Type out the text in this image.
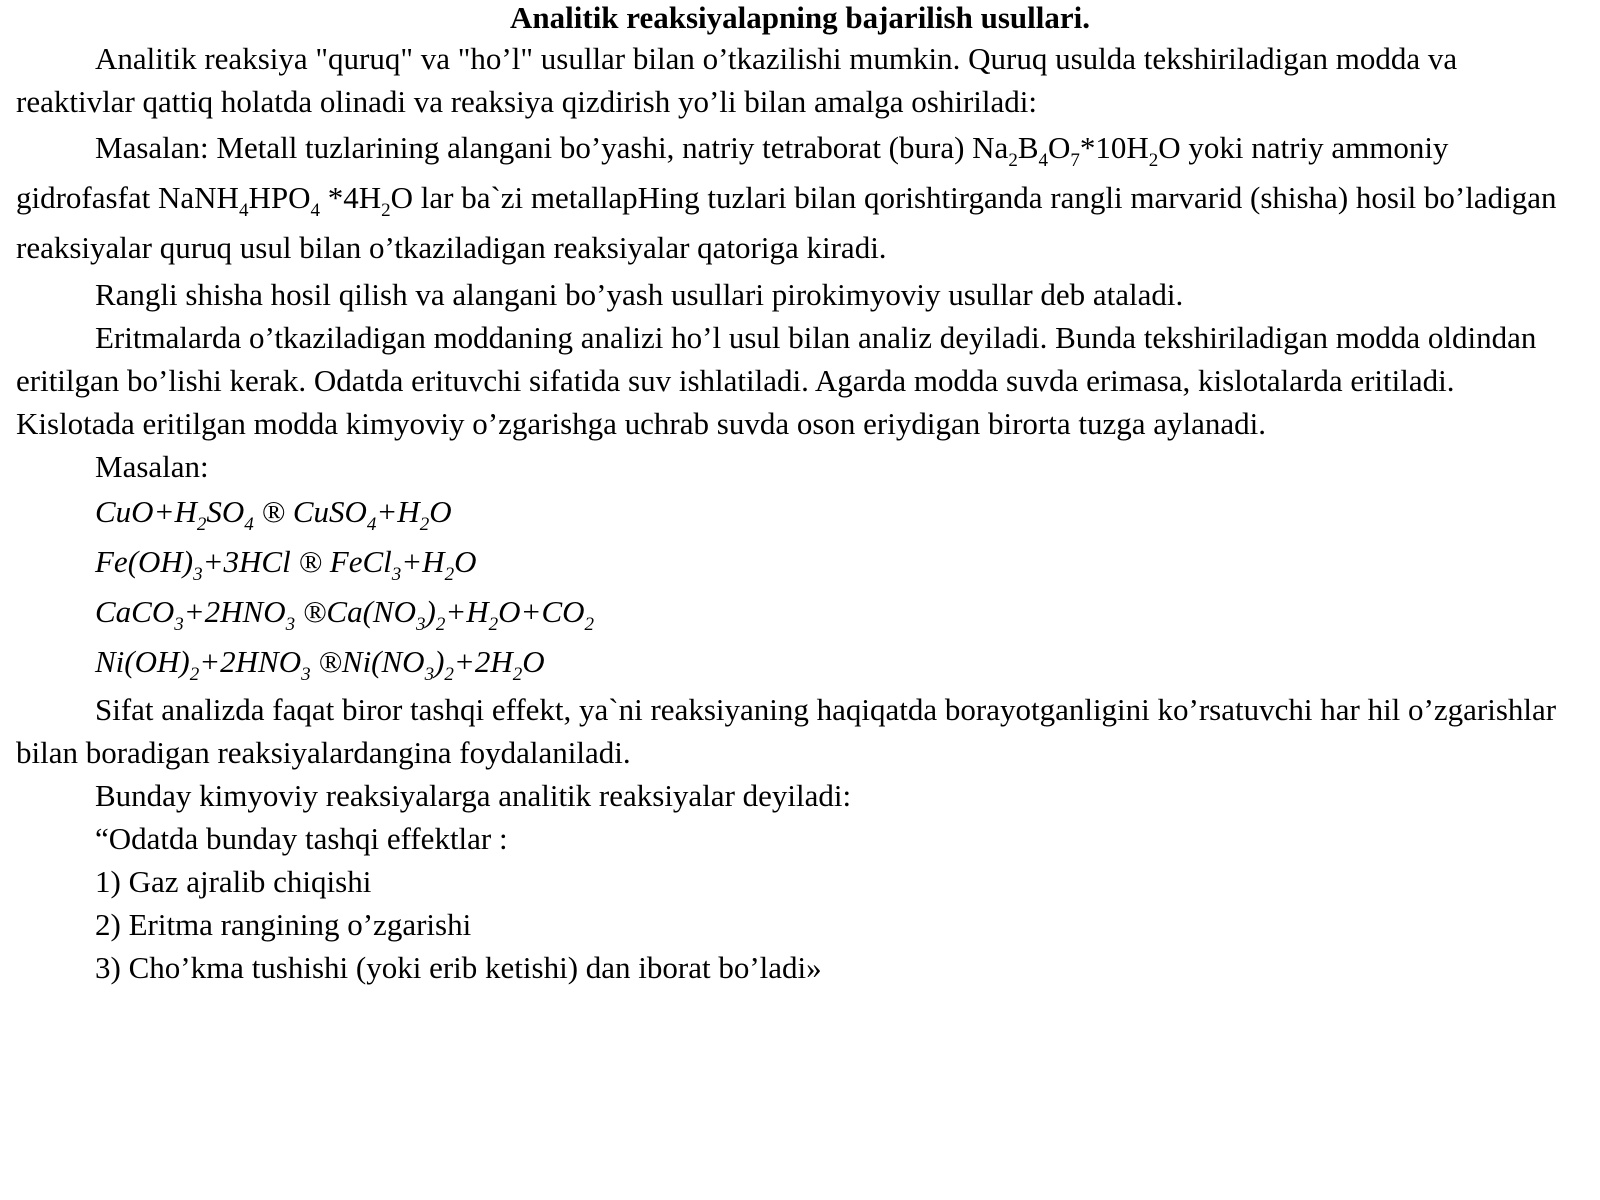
Analitik reaksiyalapning bajarilish usullari.

Analitik reaksiya "quruq" va "ho’l" usullar bilan o’tkazilishi mumkin. Quruq usulda tekshiriladigan modda va reaktivlar qattiq holatda olinadi va reaksiya qizdirish yo’li bilan amalga oshiriladi:

Masalan: Metall tuzlarining alangani bo’yashi, natriy tetraborat (bura) $Na_2B_4O_7*10H_2O$ yoki natriy ammoniy gidrofasfat $NaNH_4HPO_4$ $*4H_2O$ lar ba`zi metallapHing tuzlari bilan qorishtirganda rangli marvarid (shisha) hosil bo’ladigan reaksiyalar quruq usul bilan o’tkaziladigan reaksiyalar qatoriga kiradi.

Rangli shisha hosil qilish va alangani bo’yash usullari pirokimyoviy usullar deb ataladi.

Eritmalarda o’tkaziladigan moddaning analizi ho’l usul bilan analiz deyiladi. Bunda tekshiriladigan modda oldindan eritilgan bo’lishi kerak. Odatda erituvchi sifatida suv ishlatiladi. Agarda modda suvda erimasa, kislotalarda eritiladi. Kislotada eritilgan modda kimyoviy o’zgarishga uchrab suvda oson eriydigan birorta tuzga aylanadi.

Masalan:
$CuO+H_2SO_4$ ® $CuSO_4+H_2O$
$Fe(OH)_3+3HCl$ ® $FeCl_3+H_2O$
$CaCO_3+2HNO_3$ $®Ca(NO_3)_2+H_2O+CO_2$
$Ni(OH)_2+2HNO_3$ $®Ni(NO_3)_2+2H_2O$

Sifat analizda faqat biror tashqi effekt, ya`ni reaksiyaning haqiqatda borayotganligini ko’rsatuvchi har hil o’zgarishlar bilan boradigan reaksiyalardangina foydalaniladi.

Bunday kimyoviy reaksiyalarga analitik reaksiyalar deyiladi:

“Odatda bunday tashqi effektlar :

1) Gaz ajralib chiqishi
2) Eritma rangining o’zgarishi
3) Cho’kma tushishi (yoki erib ketishi) dan iborat bo’ladi»
